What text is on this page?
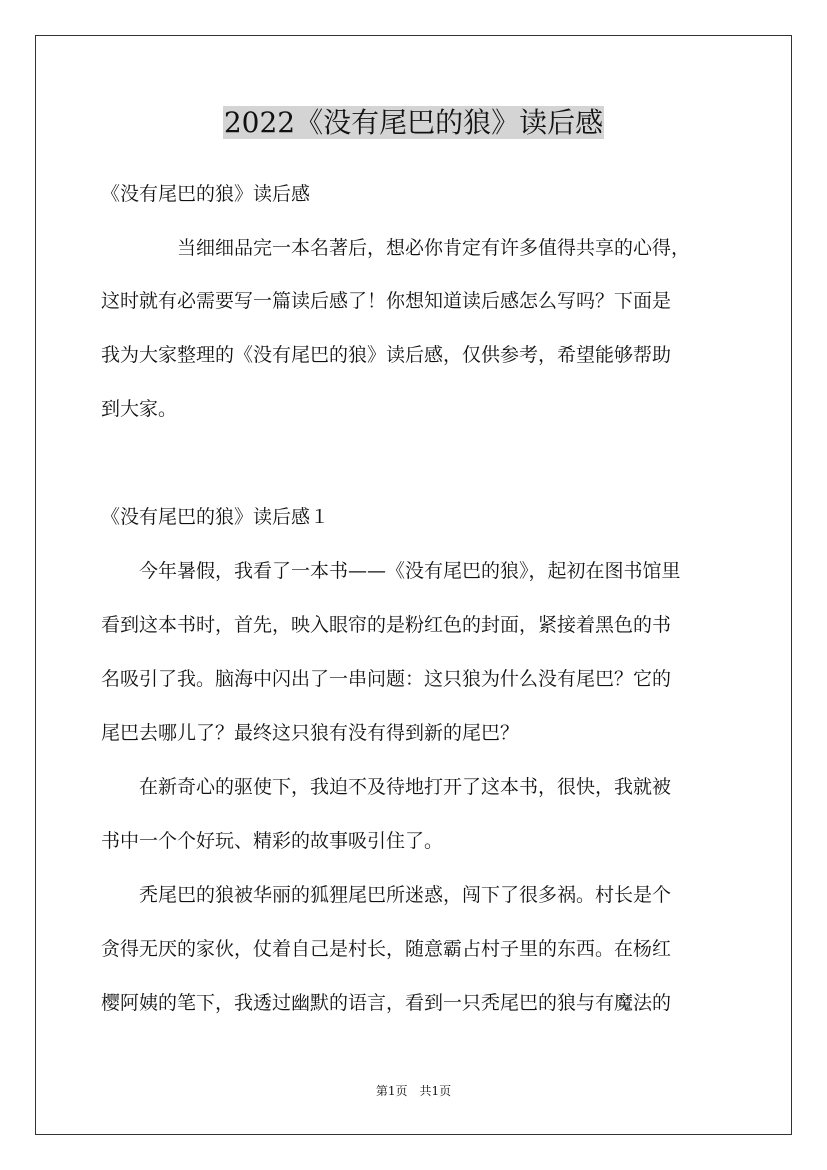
2022《没有尾巴的狼》读后感

《没有尾巴的狼》读后感

　　　　当细细品完一本名著后，想必你肯定有许多值得共享的心得，

这时就有必需要写一篇读后感了！你想知道读后感怎么写吗？下面是

我为大家整理的《没有尾巴的狼》读后感，仅供参考，希望能够帮助

到大家。

《没有尾巴的狼》读后感１

　　今年暑假，我看了一本书——《没有尾巴的狼》，起初在图书馆里

看到这本书时，首先，映入眼帘的是粉红色的封面，紧接着黑色的书

名吸引了我。脑海中闪出了一串问题：这只狼为什么没有尾巴？它的

尾巴去哪儿了？最终这只狼有没有得到新的尾巴？

　　在新奇心的驱使下，我迫不及待地打开了这本书，很快，我就被

书中一个个好玩、精彩的故事吸引住了。

　　秃尾巴的狼被华丽的狐狸尾巴所迷惑，闯下了很多祸。村长是个

贪得无厌的家伙，仗着自己是村长，随意霸占村子里的东西。在杨红

樱阿姨的笔下，我透过幽默的语言，看到一只秃尾巴的狼与有魔法的

第1页　共1页
